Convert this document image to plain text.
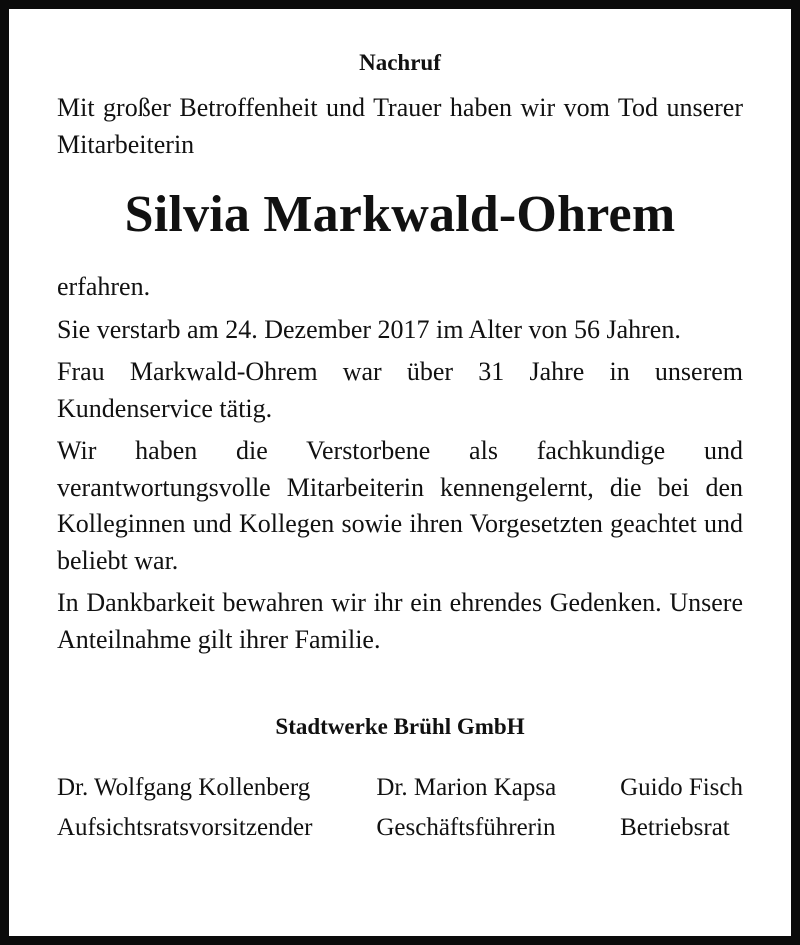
Nachruf

Mit großer Betroffenheit und Trauer haben wir vom Tod unserer Mitarbeiterin

Silvia Markwald-Ohrem

erfahren.

Sie verstarb am 24. Dezember 2017 im Alter von 56 Jahren.

Frau Markwald-Ohrem war über 31 Jahre in unserem Kundenservice tätig.

Wir haben die Verstorbene als fachkundige und verantwortungsvolle Mitarbeiterin kennengelernt, die bei den Kolleginnen und Kollegen sowie ihren Vorgesetzten geachtet und beliebt war.

In Dankbarkeit bewahren wir ihr ein ehrendes Gedenken. Unsere Anteilnahme gilt ihrer Familie.

Stadtwerke Brühl GmbH
Dr. Wolfgang Kollenberg
Aufsichtsratsvorsitzender
Dr. Marion Kapsa
Geschäftsführerin
Guido Fisch
Betriebsrat
